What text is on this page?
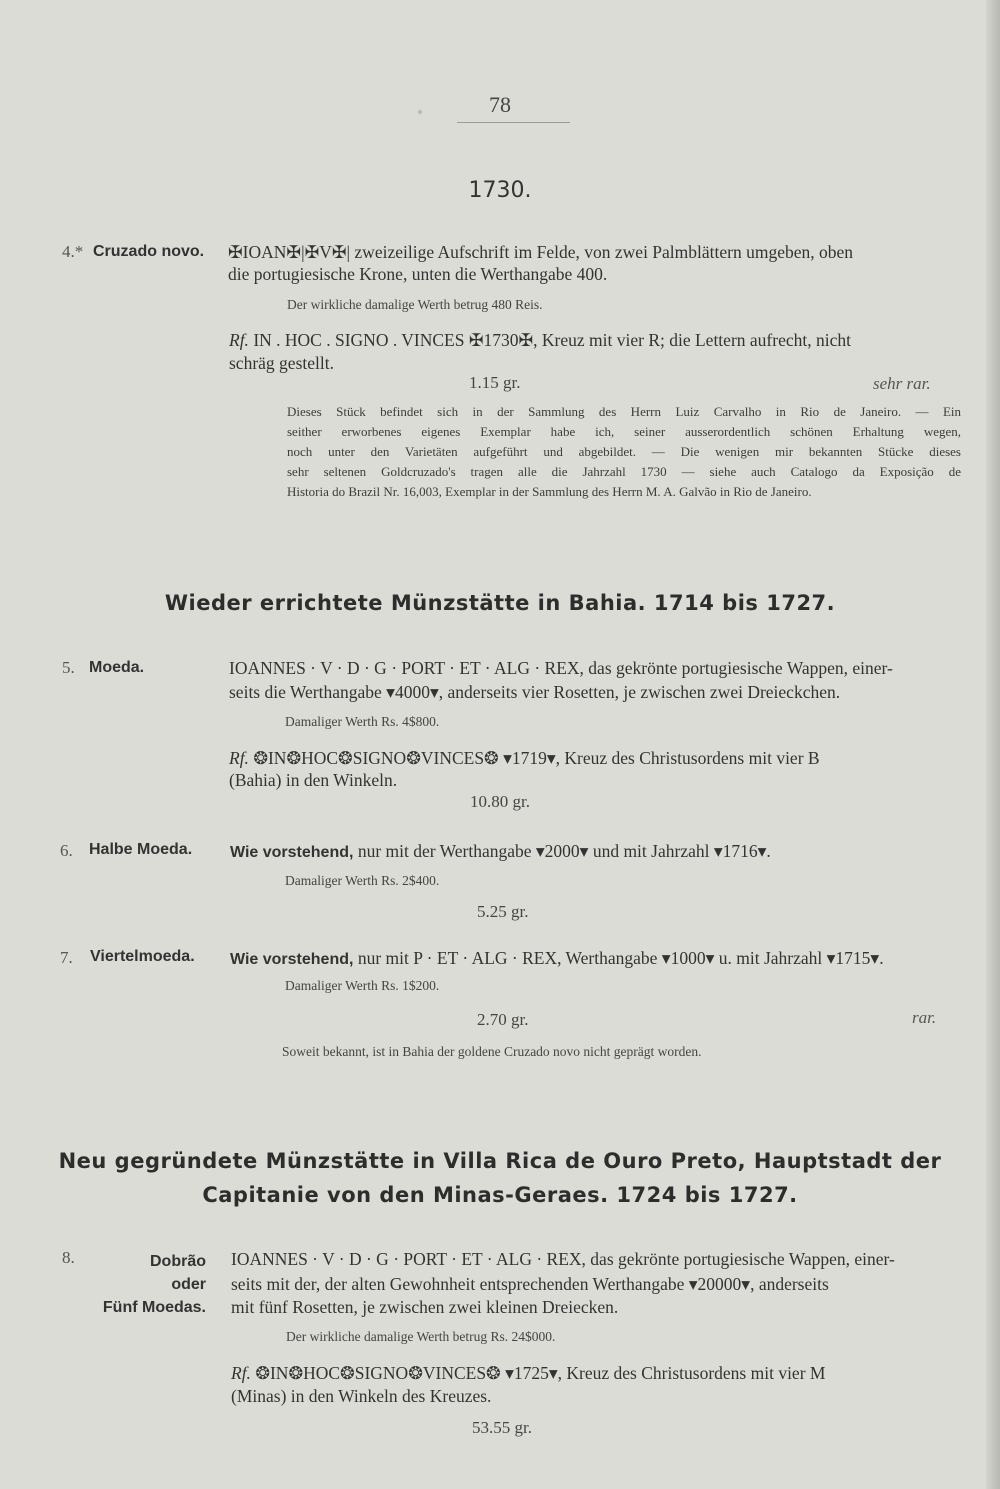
78
1730.
4.* Cruzado novo. ✠IOAN✠|✠V✠| zweizeilige Aufschrift im Felde, von zwei Palmblättern umgeben, oben
die portugiesische Krone, unten die Werthangabe 400.
Der wirkliche damalige Werth betrug 480 Reis.
Rf. IN . HOC . SIGNO . VINCES ✠1730✠, Kreuz mit vier R; die Lettern aufrecht, nicht
schräg gestellt.
1.15 gr.	sehr rar.
Dieses Stück befindet sich in der Sammlung des Herrn Luiz Carvalho in Rio de Janeiro. — Ein
seither erworbenes eigenes Exemplar habe ich, seiner ausserordentlich schönen Erhaltung wegen,
noch unter den Varietäten aufgeführt und abgebildet. — Die wenigen mir bekannten Stücke dieses
sehr seltenen Goldcruzado's tragen alle die Jahrzahl 1730 — siehe auch Catalogo da Exposição de
Historia do Brazil Nr. 16,003, Exemplar in der Sammlung des Herrn M. A. Galvão in Rio de Janeiro.
Wieder errichtete Münzstätte in Bahia. 1714 bis 1727.
5. Moeda.	IOANNES · V · D · G · PORT · ET · ALG · REX, das gekrönte portugiesische Wappen, einer-
seits die Werthangabe ▾4000▾, anderseits vier Rosetten, je zwischen zwei Dreieckchen.
Damaliger Werth Rs. 4$800.
Rf. ❂IN❂HOC❂SIGNO❂VINCES❂ ▾1719▾, Kreuz des Christusordens mit vier B
(Bahia) in den Winkeln.
10.80 gr.
6. Halbe Moeda. Wie vorstehend, nur mit der Werthangabe ▾2000▾ und mit Jahrzahl ▾1716▾.
Damaliger Werth Rs. 2$400.
5.25 gr.
7. Viertelmoeda. Wie vorstehend, nur mit P · ET · ALG · REX, Werthangabe ▾1000▾ u. mit Jahrzahl ▾1715▾.
Damaliger Werth Rs. 1$200.
2.70 gr.	rar.
Soweit bekannt, ist in Bahia der goldene Cruzado novo nicht geprägt worden.
Neu gegründete Münzstätte in Villa Rica de Ouro Preto, Hauptstadt der
Capitanie von den Minas-Geraes. 1724 bis 1727.
8.	Dobrão
oder
Fünf Moedas.
IOANNES · V · D · G · PORT · ET · ALG · REX, das gekrönte portugiesische Wappen, einer-
seits mit der, der alten Gewohnheit entsprechenden Werthangabe ▾20000▾, anderseits
mit fünf Rosetten, je zwischen zwei kleinen Dreiecken.
Der wirkliche damalige Werth betrug Rs. 24$000.
Rf. ❂IN❂HOC❂SIGNO❂VINCES❂ ▾1725▾, Kreuz des Christusordens mit vier M
(Minas) in den Winkeln des Kreuzes.
53.55 gr.
